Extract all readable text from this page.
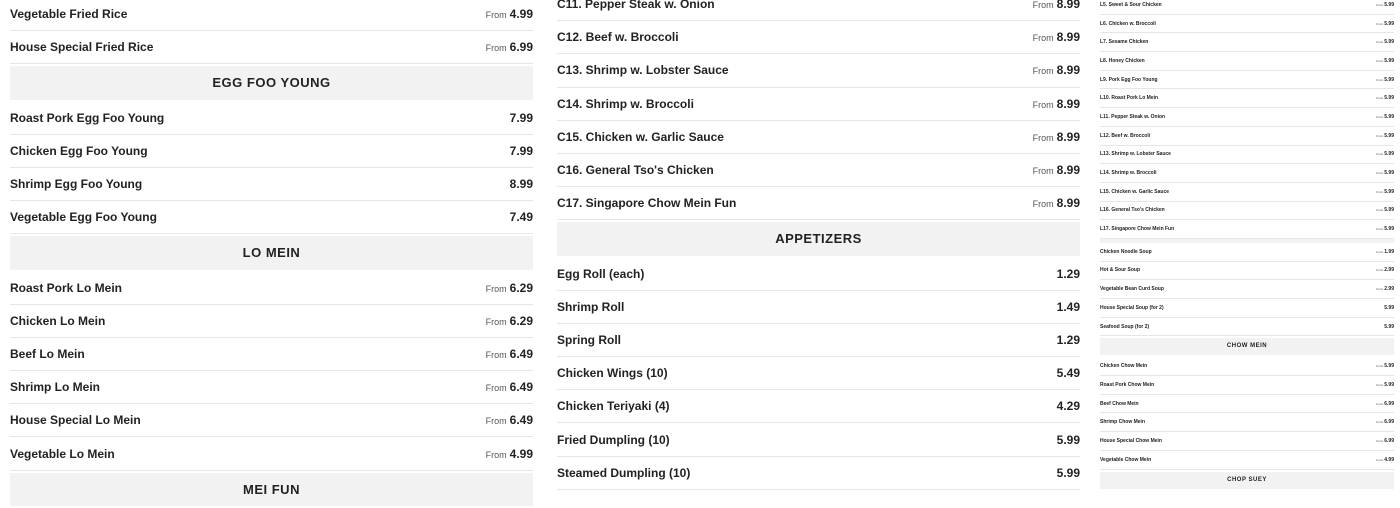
Vegetable Fried Rice	From 4.99
House Special Fried Rice	From 6.99
EGG FOO YOUNG
Roast Pork Egg Foo Young	7.99
Chicken Egg Foo Young	7.99
Shrimp Egg Foo Young	8.99
Vegetable Egg Foo Young	7.49
LO MEIN
Roast Pork Lo Mein	From 6.29
Chicken Lo Mein	From 6.29
Beef Lo Mein	From 6.49
Shrimp Lo Mein	From 6.49
House Special Lo Mein	From 6.49
Vegetable Lo Mein	From 4.99
MEI FUN
C11. Pepper Steak w. Onion	From 8.99
C12. Beef w. Broccoli	From 8.99
C13. Shrimp w. Lobster Sauce	From 8.99
C14. Shrimp w. Broccoli	From 8.99
C15. Chicken w. Garlic Sauce	From 8.99
C16. General Tso's Chicken	From 8.99
C17. Singapore Chow Mein Fun	From 8.99
APPETIZERS
Egg Roll (each)	1.29
Shrimp Roll	1.49
Spring Roll	1.29
Chicken Wings (10)	5.49
Chicken Teriyaki (4)	4.29
Fried Dumpling (10)	5.99
Steamed Dumpling (10)	5.99
L5. Sweet & Sour Chicken	From5.99
L6. Chicken w. Broccoli	From5.99
L7. Sesame Chicken	From5.99
L8. Honey Chicken	From5.99
L9. Pork Egg Foo Young	From5.99
L10. Roast Pork Lo Mein	From5.99
L11. Pepper Steak w. Onion	From5.99
L12. Beef w. Broccoli	From5.99
L13. Shrimp w. Lobster Sauce	From5.99
L14. Shrimp w. Broccoli	From5.99
L15. Chicken w. Garlic Sauce	From5.99
L16. General Tso's Chicken	From5.99
L17. Singapore Chow Mein Fun	From5.99
Chicken Noodle Soup	From1.99
Hot & Sour Soup	From2.99
Vegetable Bean Curd Soup	From2.99
House Special Soup (for 2)	5.99
Seafood Soup (for 2)	5.99
CHOW MEIN
Chicken Chow Mein	From5.99
Roast Pork Chow Mein	From5.99
Beef Chow Mein	From6.99
Shrimp Chow Mein	From6.99
House Special Chow Mein	From6.99
Vegetable Chow Mein	From4.99
CHOP SUEY
